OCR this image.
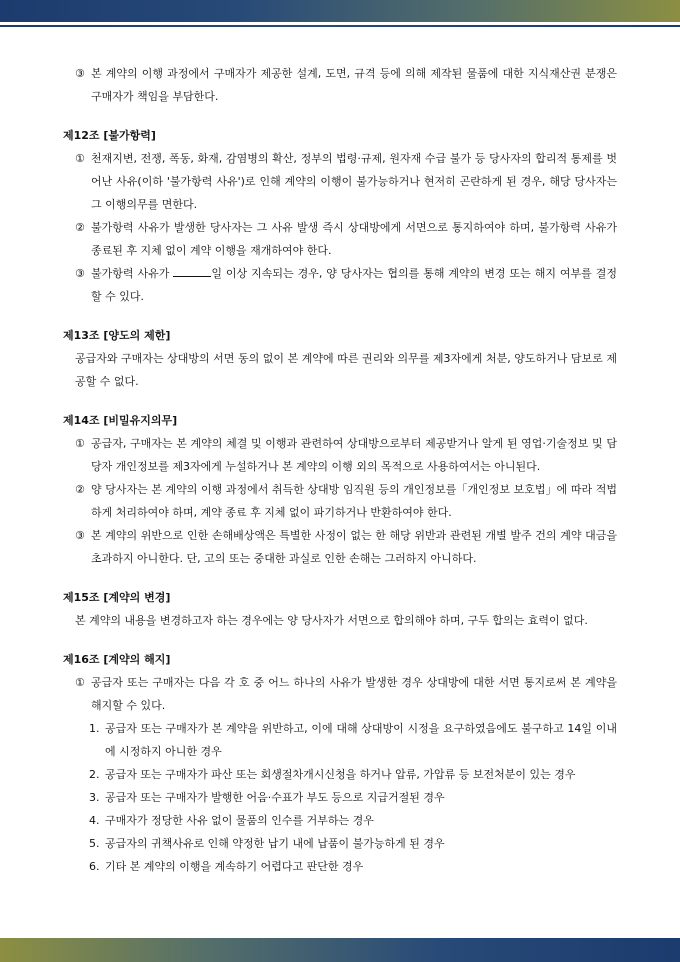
③ 본 계약의 이행 과정에서 구매자가 제공한 설계, 도면, 규격 등에 의해 제작된 물품에 대한 지식재산권 분쟁은 구매자가 책임을 부담한다.
제12조 [불가항력]
① 천재지변, 전쟁, 폭동, 화재, 감염병의 확산, 정부의 법령·규제, 원자재 수급 불가 등 당사자의 합리적 통제를 벗어난 사유(이하 '불가항력 사유')로 인해 계약의 이행이 불가능하거나 현저히 곤란하게 된 경우, 해당 당사자는 그 이행의무를 면한다.
② 불가항력 사유가 발생한 당사자는 그 사유 발생 즉시 상대방에게 서면으로 통지하여야 하며, 불가항력 사유가 종료된 후 지체 없이 계약 이행을 재개하여야 한다.
③ 불가항력 사유가	일 이상 지속되는 경우, 양 당사자는 협의를 통해 계약의 변경 또는 해지 여부를 결정할 수 있다.
제13조 [양도의 제한]
공급자와 구매자는 상대방의 서면 동의 없이 본 계약에 따른 권리와 의무를 제3자에게 처분, 양도하거나 담보로 제공할 수 없다.
제14조 [비밀유지의무]
① 공급자, 구매자는 본 계약의 체결 및 이행과 관련하여 상대방으로부터 제공받거나 알게 된 영업·기술정보 및 담당자 개인정보를 제3자에게 누설하거나 본 계약의 이행 외의 목적으로 사용하여서는 아니된다.
② 양 당사자는 본 계약의 이행 과정에서 취득한 상대방 임직원 등의 개인정보를「개인정보 보호법」에 따라 적법하게 처리하여야 하며, 계약 종료 후 지체 없이 파기하거나 반환하여야 한다.
③ 본 계약의 위반으로 인한 손해배상액은 특별한 사정이 없는 한 해당 위반과 관련된 개별 발주 건의 계약 대금을 초과하지 아니한다. 단, 고의 또는 중대한 과실로 인한 손해는 그러하지 아니하다.
제15조 [계약의 변경]
본 계약의 내용을 변경하고자 하는 경우에는 양 당사자가 서면으로 합의해야 하며, 구두 합의는 효력이 없다.
제16조 [계약의 해지]
① 공급자 또는 구매자는 다음 각 호 중 어느 하나의 사유가 발생한 경우 상대방에 대한 서면 통지로써 본 계약을 해지할 수 있다.
1. 공급자 또는 구매자가 본 계약을 위반하고, 이에 대해 상대방이 시정을 요구하였음에도 불구하고 14일 이내에 시정하지 아니한 경우
2. 공급자 또는 구매자가 파산 또는 회생절차개시신청을 하거나 압류, 가압류 등 보전처분이 있는 경우
3. 공급자 또는 구매자가 발행한 어음·수표가 부도 등으로 지급거절된 경우
4. 구매자가 정당한 사유 없이 물품의 인수를 거부하는 경우
5. 공급자의 귀책사유로 인해 약정한 납기 내에 납품이 불가능하게 된 경우
6. 기타 본 계약의 이행을 계속하기 어렵다고 판단한 경우
